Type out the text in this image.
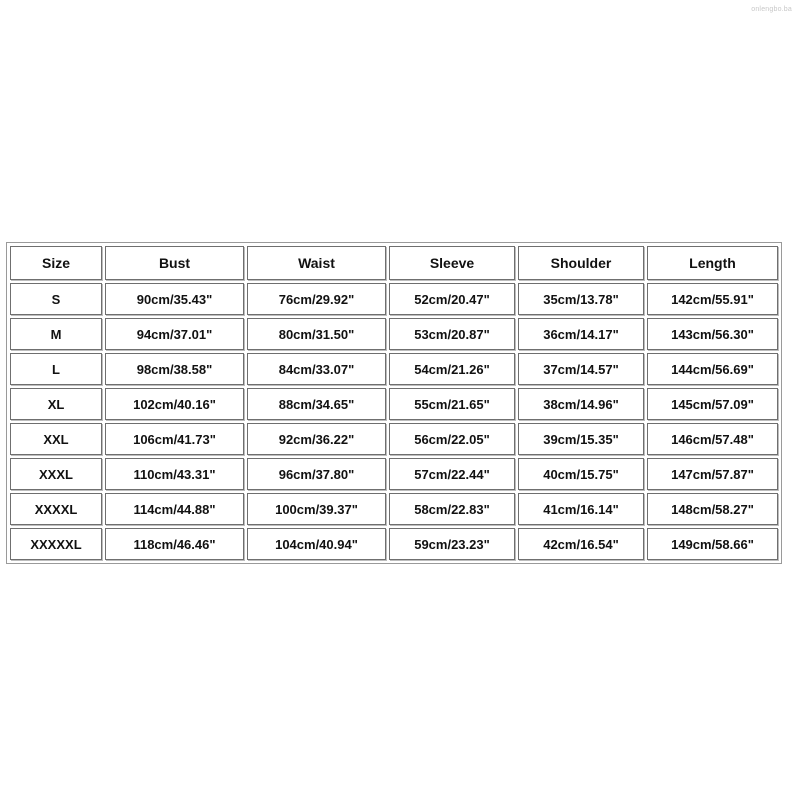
onlengbo.ba
Size	Bust	Waist	Sleeve	Shoulder	Length
S	90cm/35.43"	76cm/29.92"	52cm/20.47"	35cm/13.78"	142cm/55.91"
M	94cm/37.01"	80cm/31.50"	53cm/20.87"	36cm/14.17"	143cm/56.30"
L	98cm/38.58"	84cm/33.07"	54cm/21.26"	37cm/14.57"	144cm/56.69"
XL	102cm/40.16"	88cm/34.65"	55cm/21.65"	38cm/14.96"	145cm/57.09"
XXL	106cm/41.73"	92cm/36.22"	56cm/22.05"	39cm/15.35"	146cm/57.48"
XXXL	110cm/43.31"	96cm/37.80"	57cm/22.44"	40cm/15.75"	147cm/57.87"
XXXXL	114cm/44.88"	100cm/39.37"	58cm/22.83"	41cm/16.14"	148cm/58.27"
XXXXXL	118cm/46.46"	104cm/40.94"	59cm/23.23"	42cm/16.54"	149cm/58.66"
